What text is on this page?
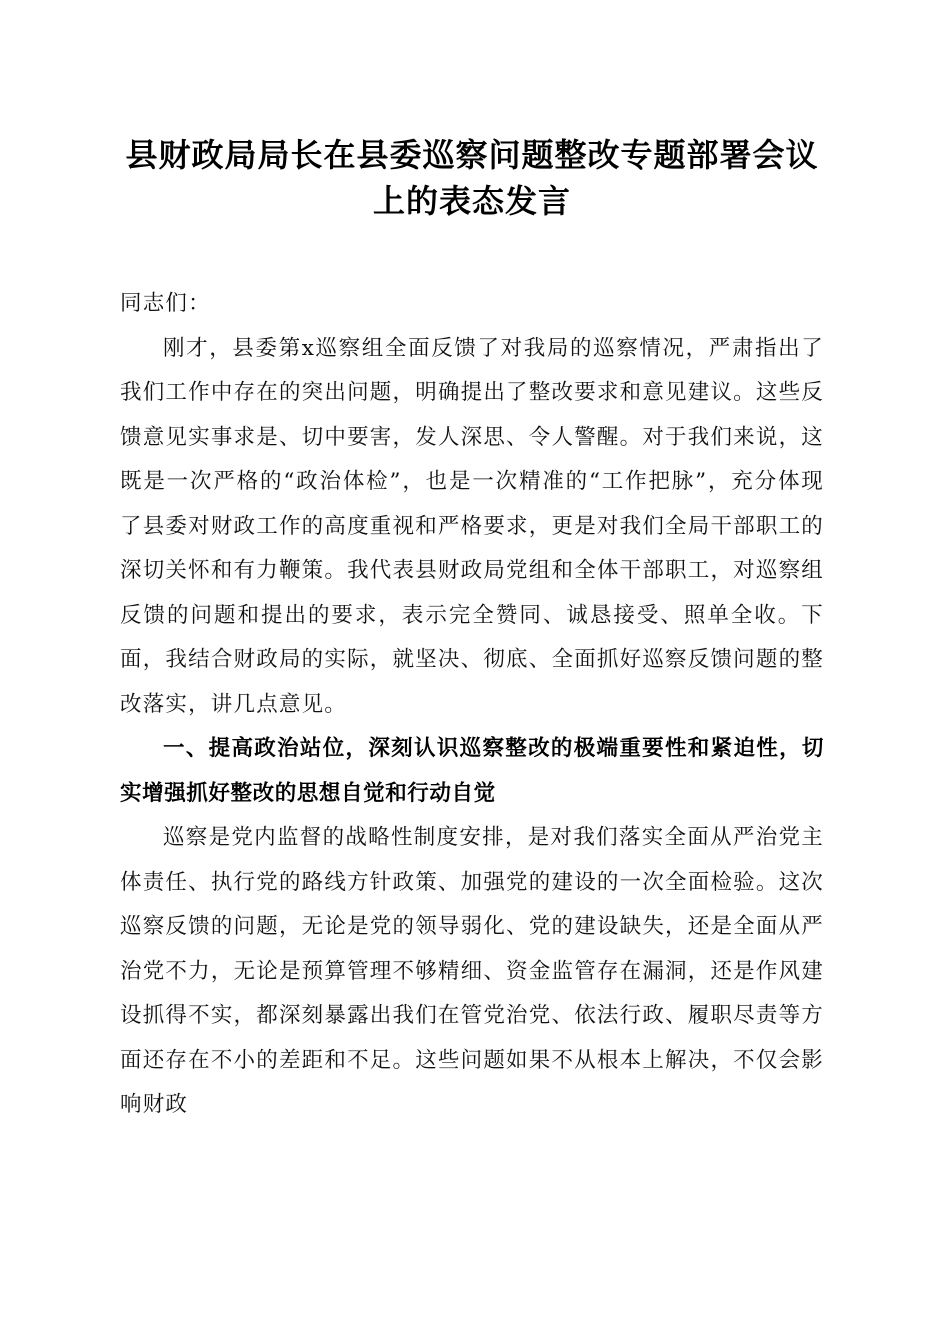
县财政局局长在县委巡察问题整改专题部署会议上的表态发言

同志们：

刚才，县委第x巡察组全面反馈了对我局的巡察情况，严肃指出了我们工作中存在的突出问题，明确提出了整改要求和意见建议。这些反馈意见实事求是、切中要害，发人深思、令人警醒。对于我们来说，这既是一次严格的“政治体检”，也是一次精准的“工作把脉”，充分体现了县委对财政工作的高度重视和严格要求，更是对我们全局干部职工的深切关怀和有力鞭策。我代表县财政局党组和全体干部职工，对巡察组反馈的问题和提出的要求，表示完全赞同、诚恳接受、照单全收。下面，我结合财政局的实际，就坚决、彻底、全面抓好巡察反馈问题的整改落实，讲几点意见。

一、提高政治站位，深刻认识巡察整改的极端重要性和紧迫性，切实增强抓好整改的思想自觉和行动自觉

巡察是党内监督的战略性制度安排，是对我们落实全面从严治党主体责任、执行党的路线方针政策、加强党的建设的一次全面检验。这次巡察反馈的问题，无论是党的领导弱化、党的建设缺失，还是全面从严治党不力，无论是预算管理不够精细、资金监管存在漏洞，还是作风建设抓得不实，都深刻暴露出我们在管党治党、依法行政、履职尽责等方面还存在不小的差距和不足。这些问题如果不从根本上解决，不仅会影响财政
